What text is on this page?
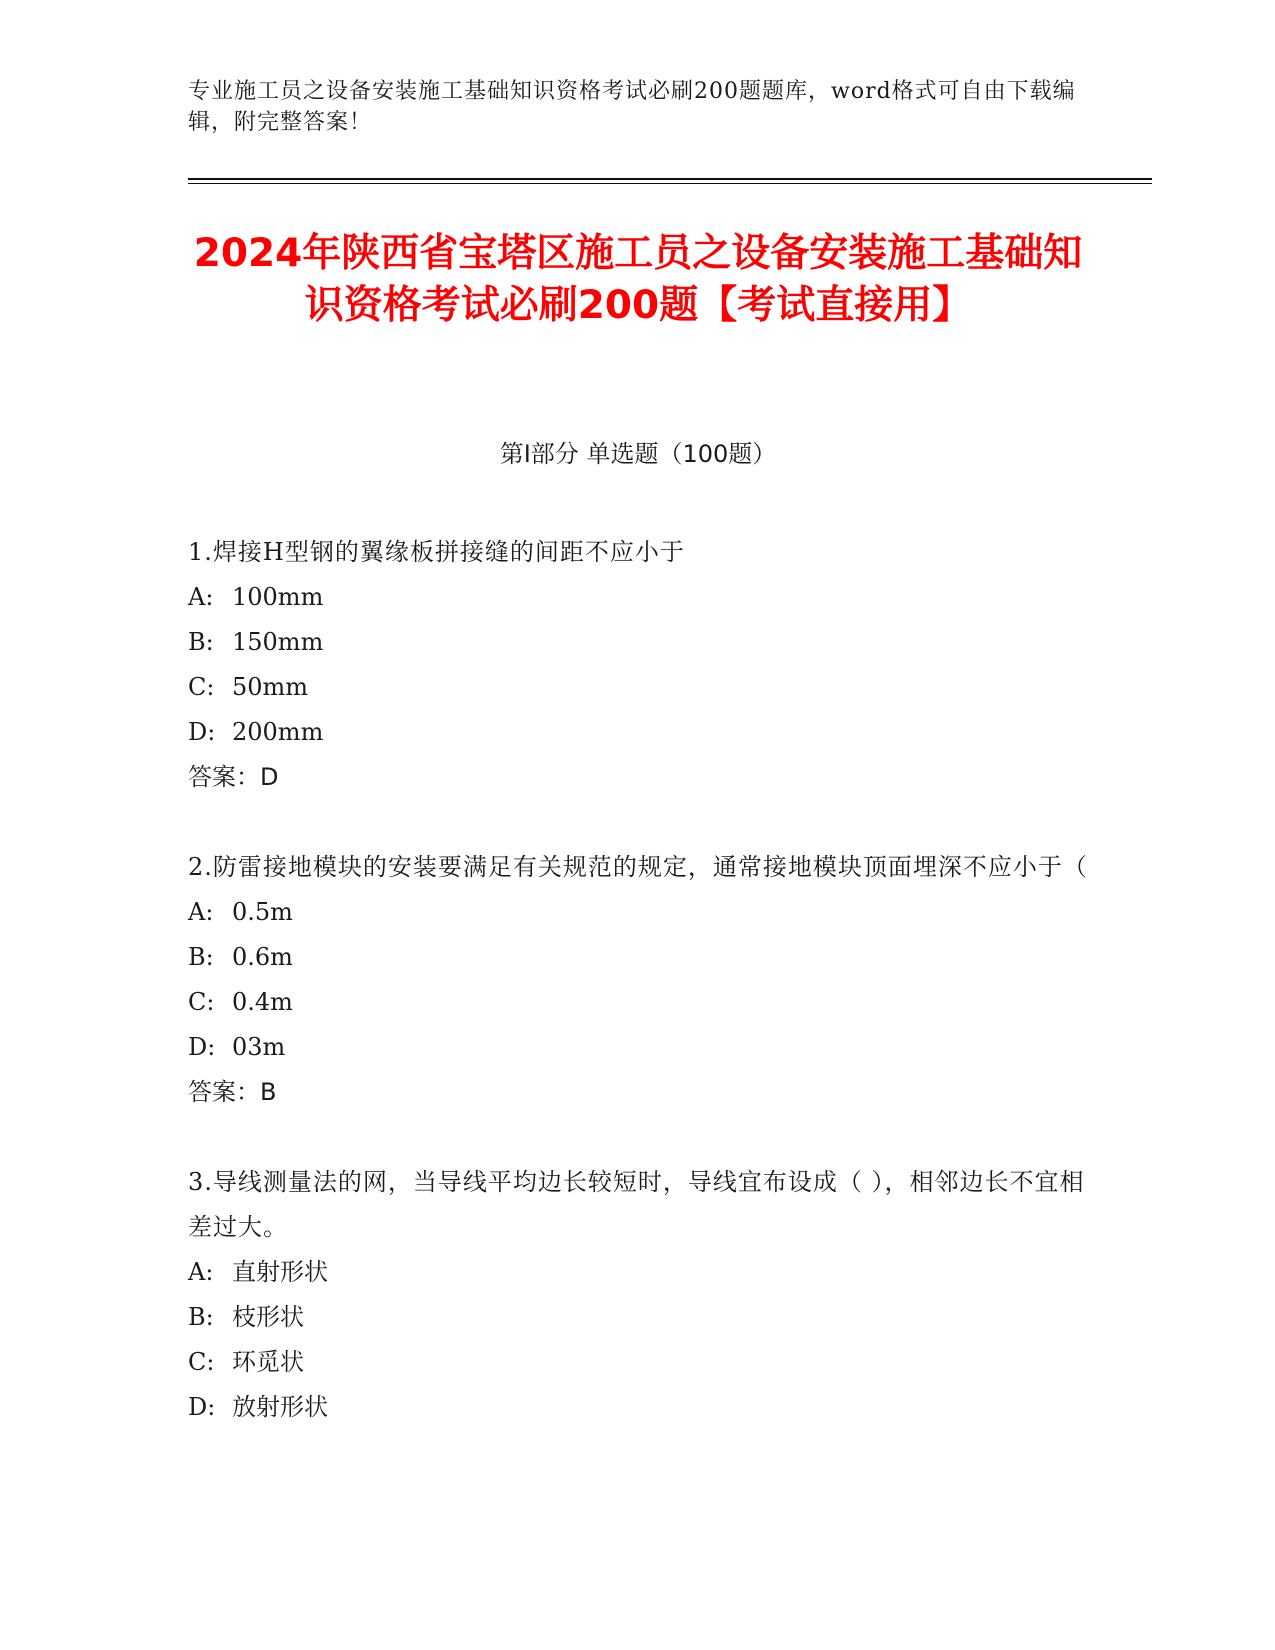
专业施工员之设备安装施工基础知识资格考试必刷200题题库，word格式可自由下载编辑，附完整答案！
2024年陕西省宝塔区施工员之设备安装施工基础知识资格考试必刷200题【考试直接用】
第I部分 单选题（100题）
1.焊接H型钢的翼缘板拼接缝的间距不应小于
A: 100mm
B: 150mm
C: 50mm
D: 200mm
答案：D
2.防雷接地模块的安装要满足有关规范的规定，通常接地模块顶面埋深不应小于（
A: 0.5m
B: 0.6m
C: 0.4m
D: 03m
答案：B
3.导线测量法的网，当导线平均边长较短时，导线宜布设成（ ），相邻边长不宜相差过大。
A: 直射形状
B: 枝形状
C: 环觅状
D: 放射形状
